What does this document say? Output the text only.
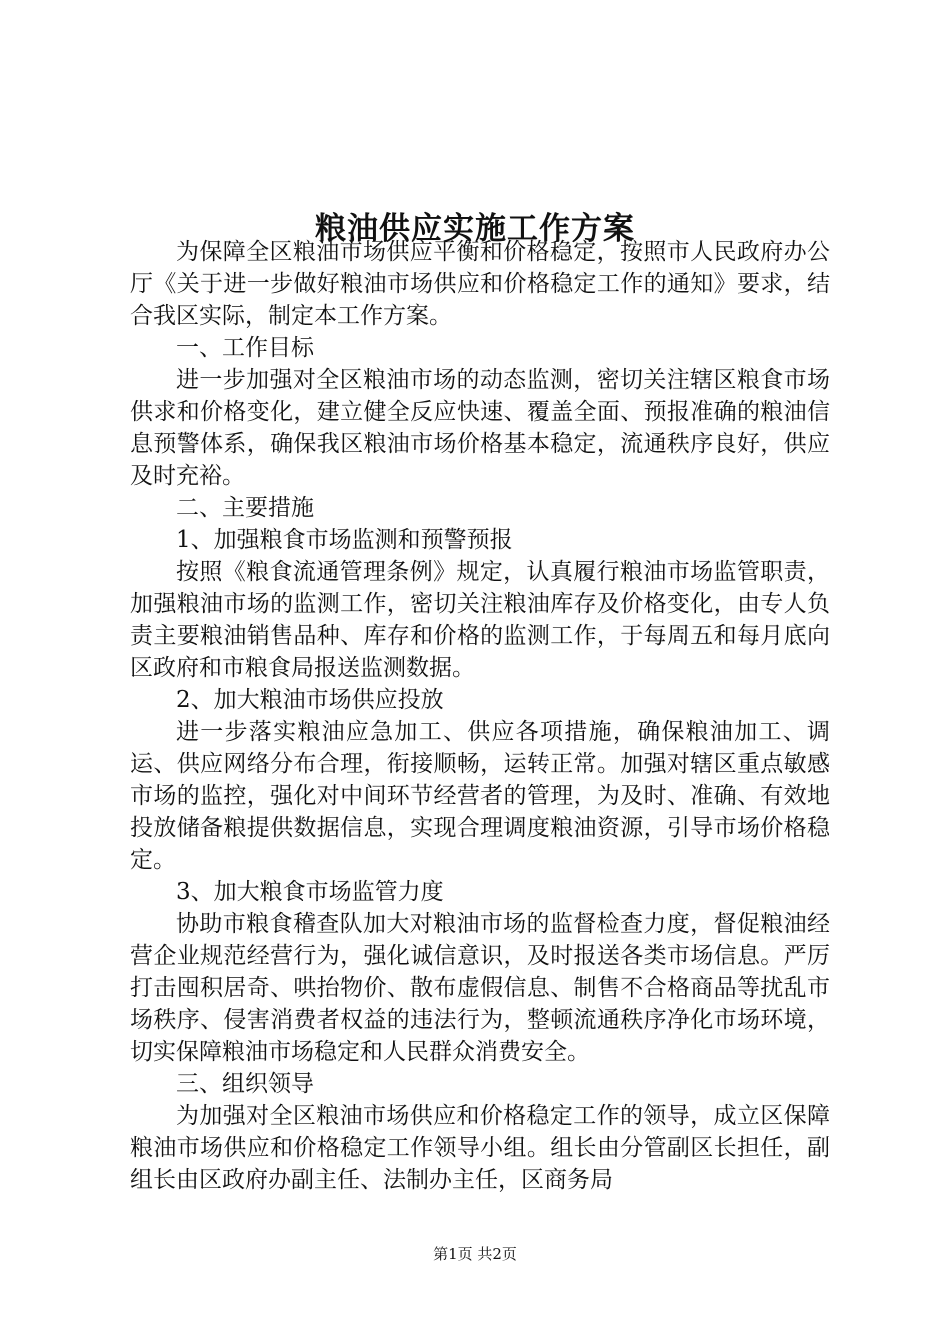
粮油供应实施工作方案

为保障全区粮油市场供应平衡和价格稳定，按照市人民政府办公厅《关于进一步做好粮油市场供应和价格稳定工作的通知》要求，结合我区实际，制定本工作方案。

一、工作目标

进一步加强对全区粮油市场的动态监测，密切关注辖区粮食市场供求和价格变化，建立健全反应快速、覆盖全面、预报准确的粮油信息预警体系，确保我区粮油市场价格基本稳定，流通秩序良好，供应及时充裕。

二、主要措施

1、加强粮食市场监测和预警预报

按照《粮食流通管理条例》规定，认真履行粮油市场监管职责，加强粮油市场的监测工作，密切关注粮油库存及价格变化，由专人负责主要粮油销售品种、库存和价格的监测工作，于每周五和每月底向区政府和市粮食局报送监测数据。

2、加大粮油市场供应投放

进一步落实粮油应急加工、供应各项措施，确保粮油加工、调运、供应网络分布合理，衔接顺畅，运转正常。加强对辖区重点敏感市场的监控，强化对中间环节经营者的管理，为及时、准确、有效地投放储备粮提供数据信息，实现合理调度粮油资源，引导市场价格稳定。

3、加大粮食市场监管力度

协助市粮食稽查队加大对粮油市场的监督检查力度，督促粮油经营企业规范经营行为，强化诚信意识，及时报送各类市场信息。严厉打击囤积居奇、哄抬物价、散布虚假信息、制售不合格商品等扰乱市场秩序、侵害消费者权益的违法行为，整顿流通秩序净化市场环境，切实保障粮油市场稳定和人民群众消费安全。

三、组织领导

为加强对全区粮油市场供应和价格稳定工作的领导，成立区保障粮油市场供应和价格稳定工作领导小组。组长由分管副区长担任，副组长由区政府办副主任、法制办主任，区商务局

第1页 共2页
